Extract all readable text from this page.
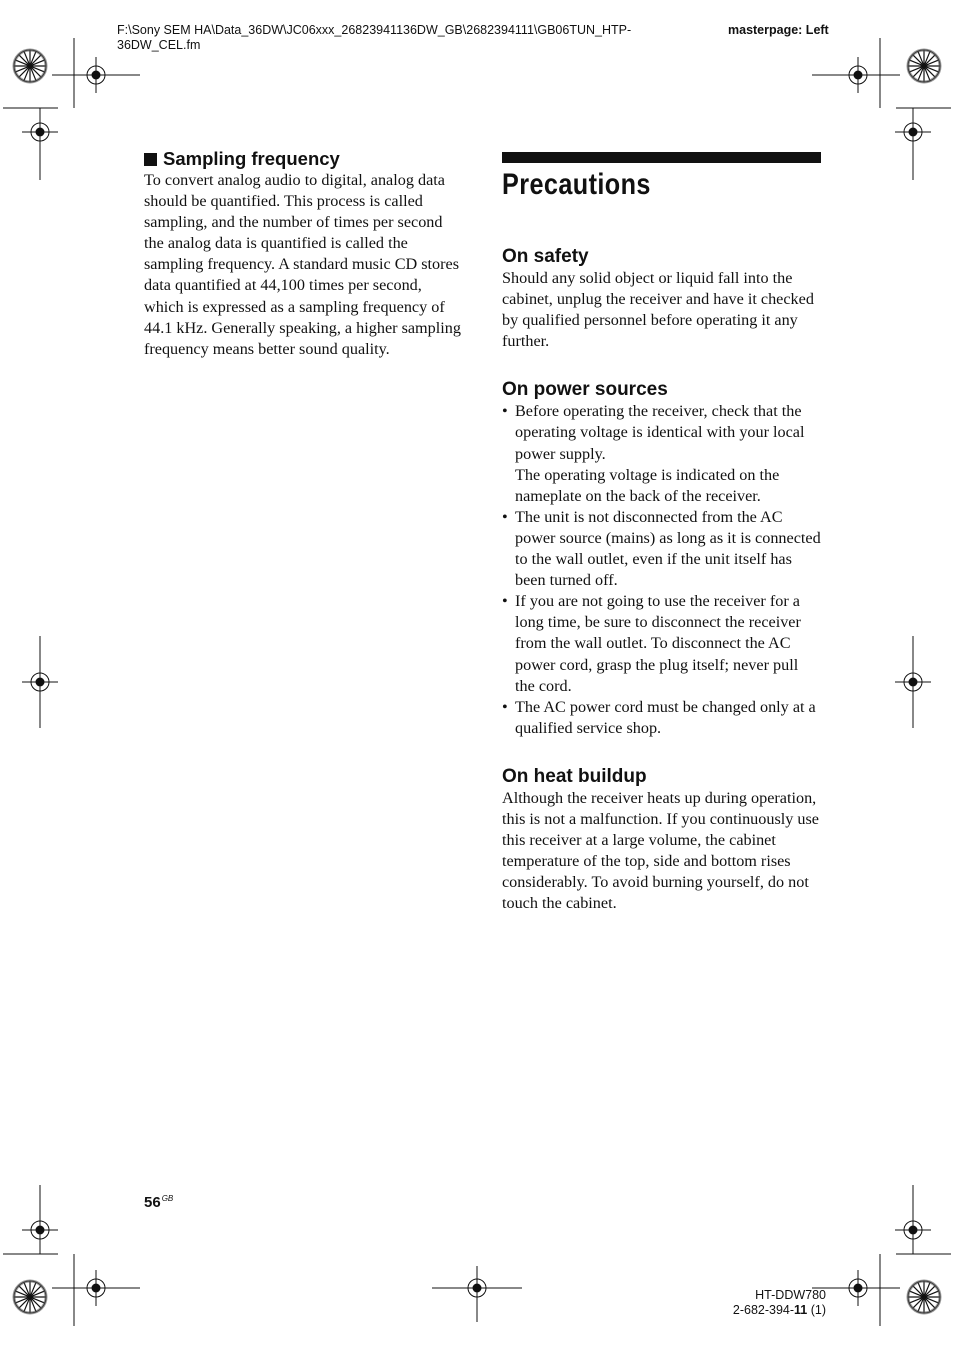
F:\Sony SEM HA\Data_36DW\JC06xxx_26823941136DW_GB\2682394111\GB06TUN_HTP-36DW_CEL.fm
masterpage: Left
Sampling frequency

To convert analog audio to digital, analog data should be quantified. This process is called sampling, and the number of times per second the analog data is quantified is called the sampling frequency. A standard music CD stores data quantified at 44,100 times per second, which is expressed as a sampling frequency of 44.1 kHz. Generally speaking, a higher sampling frequency means better sound quality.

Precautions
On safety

Should any solid object or liquid fall into the cabinet, unplug the receiver and have it checked by qualified personnel before operating it any further.

On power sources
• Before operating the receiver, check that the operating voltage is identical with your local power supply.
The operating voltage is indicated on the nameplate on the back of the receiver.
• The unit is not disconnected from the AC power source (mains) as long as it is connected to the wall outlet, even if the unit itself has been turned off.
• If you are not going to use the receiver for a long time, be sure to disconnect the receiver from the wall outlet. To disconnect the AC power cord, grasp the plug itself; never pull the cord.
• The AC power cord must be changed only at a qualified service shop.
On heat buildup

Although the receiver heats up during operation, this is not a malfunction. If you continuously use this receiver at a large volume, the cabinet temperature of the top, side and bottom rises considerably. To avoid burning yourself, do not touch the cabinet.

$56^{GB}$
HT-DDW780
2-682-394-11 (1)
